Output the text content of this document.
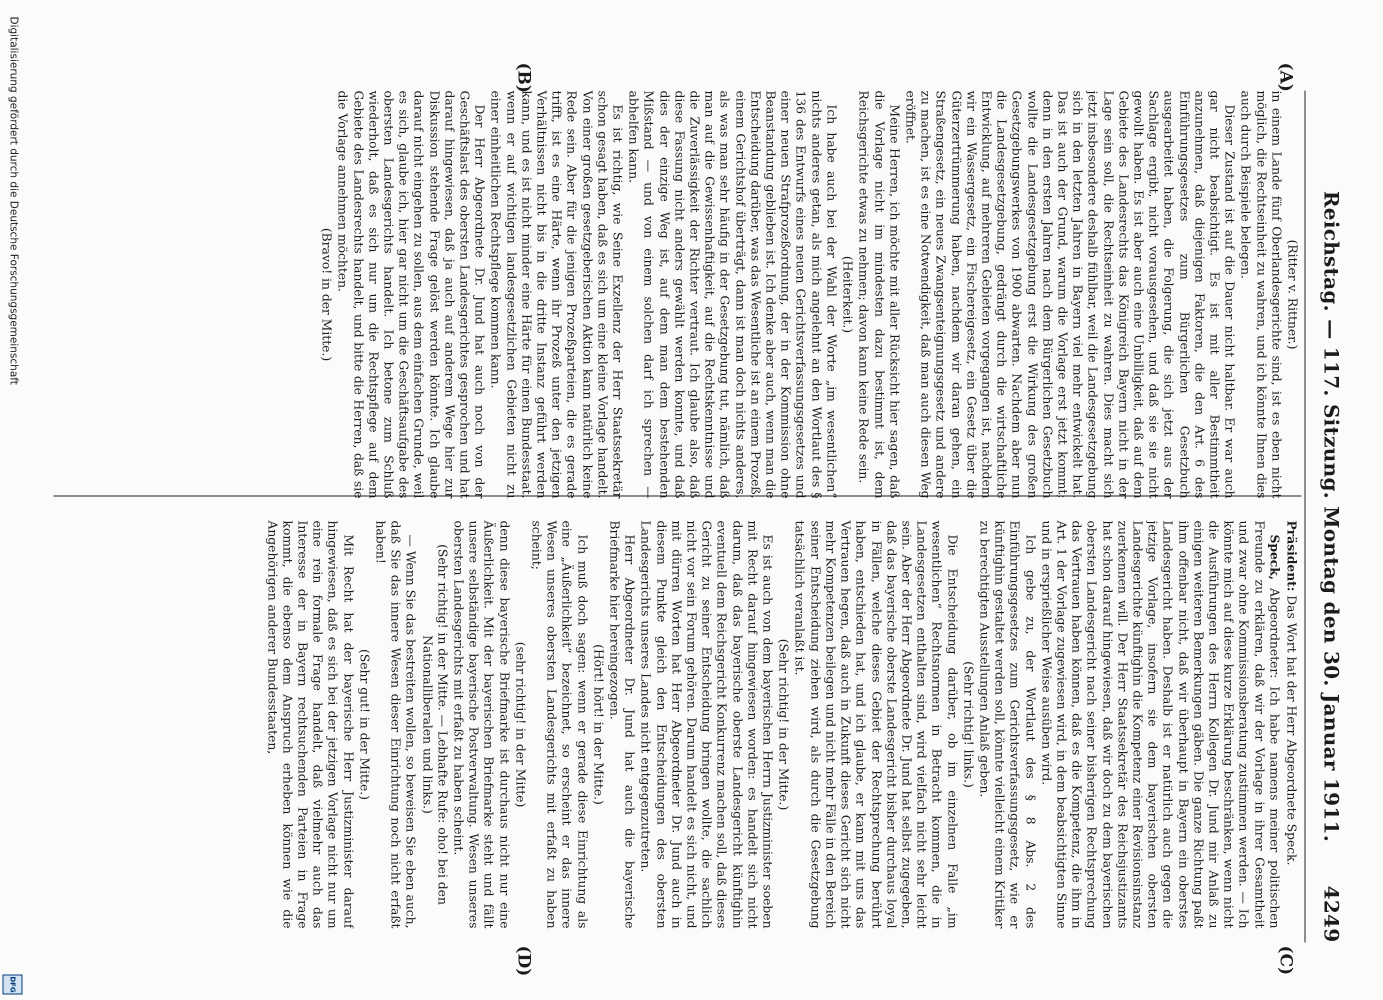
Reichstag. — 117. Sitzung. Montag den 30. Januar 1911.
4249
(A)
(B)
(C)
(D)

(Ritter v. Rittner.)

in einem Lande fünf Oberlandesgerichte sind, ist es eben nicht möglich, die Rechtseinheit zu wahren, und ich könnte Ihnen dies auch durch Beispiele belegen.

Dieser Zustand ist auf die Dauer nicht haltbar. Er war auch gar nicht beabsichtigt. Es ist mit aller Bestimmtheit anzunehmen, daß diejenigen Faktoren, die den Art. 6 des Einführungsgesetzes zum Bürgerlichen Gesetzbuch ausgearbeitet haben, die Folgerung, die sich jetzt aus der Sachlage ergibt, nicht vorausgesehen, und daß sie sie nicht gewollt haben. Es ist aber auch eine Unbilligkeit, daß auf dem Gebiete des Landesrechts das Königreich Bayern nicht in der Lage sein soll, die Rechtseinheit zu wahren. Dies macht sich jetzt insbesondere deshalb fühlbar, weil die Landesgesetzgebung sich in den letzten Jahren in Bayern viel mehr entwickelt hat. Das ist auch der Grund, warum die Vorlage erst jetzt kommt; denn in den ersten Jahren nach dem Bürgerlichen Gesetzbuch wollte die Landesgesetzgebung erst die Wirkung des großen Gesetzgebungswerkes von 1900 abwarten. Nachdem aber nun die Landesgesetzgebung, gedrängt durch die wirtschaftliche Entwicklung, auf mehreren Gebieten vorgegangen ist, nachdem wir ein Wassergesetz, ein Fischereigesetz, ein Gesetz über die Güterzertrümmerung haben, nachdem wir daran gehen, ein Straßengesetz, ein neues Zwangsenteignungsgesetz und andere zu machen, ist es eine Notwendigkeit, daß man auch diesen Weg eröffnet.

Meine Herren, ich möchte mit aller Rücksicht hier sagen, daß die Vorlage nicht im mindesten dazu bestimmt ist, dem Reichsgerichte etwas zu nehmen; davon kann keine Rede sein.

(Heiterkeit.)

Ich habe auch bei der Wahl der Worte „im wesentlichen“ nichts anderes getan, als mich angelehnt an den Wortlaut des § 136 des Entwurfs eines neuen Gerichtsverfassungsgesetzes und einer neuen Strafprozeßordnung, der in der Kommission ohne Beanstandung geblieben ist. Ich denke aber auch, wenn man die Entscheidung darüber, was das Wesentliche ist an einem Prozeß, einem Gerichtshof überträgt, dann ist man doch nichts anderes, als was man sehr häufig in der Gesetzgebung tut, nämlich, daß man auf die Gewissenhaftigkeit, auf die Rechtskenntnisse und die Zuverlässigkeit der Richter vertraut. Ich glaube also, daß diese Fassung nicht anders gewählt werden konnte, und daß dies der einzige Weg ist, auf dem man dem bestehenden Mißstand — und von einem solchen darf ich sprechen — abhelfen kann.

Es ist richtig, wie Seine Exzellenz der Herr Staatssekretär schon gesagt haben, daß es sich um eine kleine Vorlage handelt. Von einer großen gesetzgeberischen Aktion kann natürlich keine Rede sein. Aber für die jenigen Prozeßparteien, die es gerade trifft, ist es eine Härte, wenn ihr Prozeß unter den jetzigen Verhältnissen nicht bis in die dritte Instanz geführt werden kann, und es ist nicht minder eine Härte für einen Bundesstaat, wenn er auf wichtigen landesgesetzlichen Gebieten nicht zu einer einheitlichen Rechtspflege kommen kann.

Der Herr Abgeordnete Dr. Jund hat auch noch von der Geschäftslast des obersten Landesgerichtes gesprochen und hat darauf hingewiesen, daß ja auch auf anderem Wege hier zur Diskussion stehende Frage gelöst werden könnte. Ich glaube darauf nicht eingehen zu sollen, aus dem einfachen Grunde, weil es sich, glaube ich, hier gar nicht um die Geschäftsaufgabe des obersten Landesgerichts handelt. Ich betone zum Schluß wiederholt, daß es sich nur um die Rechtspflege auf dem Gebiete des Landesrechts handelt, und bitte die Herren, daß sie die Vorlage annehmen möchten.

(Bravo! in der Mitte.)

Präsident: Das Wort hat der Herr Abgeordnete Speck.

Speck, Abgeordneter: Ich habe namens meiner politischen Freunde zu erklären, daß wir der Vorlage in ihrer Gesamtheit und zwar ohne Kommissionsberatung zustimmen werden. — Ich könnte mich auf diese kurze Erklärung beschränken, wenn nicht die Ausführungen des Herrn Kollegen Dr. Jund mir Anlaß zu einigen weiteren Bemerkungen gäben. Die ganze Richtung paßt ihm offenbar nicht, daß wir überhaupt in Bayern ein oberstes Landesgericht haben. Deshalb ist er natürlich auch gegen die jetzige Vorlage, insofern sie dem bayerischen obersten Landesgerichte künftighin die Kompetenz einer Revisionsinstanz zuerkennen will. Der Herr Staatssekretär des Reichsjustizamts hat schon darauf hingewiesen, daß wir doch zu dem bayerischen obersten Landesgericht nach seiner bisherigen Rechtsprechung das Vertrauen haben können, daß es die Kompetenz, die ihm in Art. 1 der Vorlage zugewiesen wird, in dem beabsichtigten Sinne und in ersprießlicher Weise ausüben wird.

Ich gebe zu, der Wortlaut des § 8 Abs. 2 des Einführungsgesetzes zum Gerichtsverfassungsgesetz, wie er künftighin gestaltet werden soll, könnte vielleicht einem Kritiker zu berechtigten Ausstellungen Anlaß geben.

(Sehr richtig! links.)

Die Entscheidung darüber, ob im einzelnen Falle „im wesentlichen“ Rechtsnormen in Betracht kommen, die in Landesgesetzen enthalten sind, wird vielfach nicht sehr leicht sein. Aber der Herr Abgeordnete Dr. Jund hat selbst zugegeben, daß das bayerische oberste Landesgericht bisher durchaus loyal in Fällen, welche dieses Gebiet der Rechtsprechung berührt haben, entschieden hat, und ich glaube, er kann mit uns das Vertrauen hegen, daß auch in Zukunft dieses Gericht sich nicht mehr Kompetenzen beilegen und nicht mehr Fälle in den Bereich seiner Entscheidung ziehen wird, als durch die Gesetzgebung tatsächlich veranlaßt ist.

(Sehr richtig! in der Mitte.)

Es ist auch von dem bayerischen Herrn Justizminister soeben mit Recht darauf hingewiesen worden: es handelt sich nicht darum, daß das bayerische oberste Landesgericht künftighin eventuell dem Reichsgericht Konkurrenz machen soll, daß dieses Gericht zu seiner Entscheidung bringen wollte, die sachlich nicht vor sein Forum gehören. Darum handelt es sich nicht, und mit dürren Worten hat Herr Abgeordneter Dr. Jund auch in diesem Punkte gleich den Entscheidungen des obersten Landesgerichts unseres Landes nicht entgegenzutreten.

Herr Abgeordneter Dr. Jund hat auch die bayerische Briefmarke hier hereingezogen.

(Hört! hört! in der Mitte.)

Ich muß doch sagen: wenn er gerade diese Einrichtung als eine „Äußerlichkeit“ bezeichnet, so erscheint er das innere Wesen unseres obersten Landesgerichts mit erfaßt zu haben scheint;

(sehr richtig! in der Mitte)

denn diese bayerische Briefmarke ist durchaus nicht nur eine Äußerlichkeit. Mit der bayerischen Briefmarke steht und fällt unsere selbständige bayerische Postverwaltung. Wesen unseres obersten Landesgerichts mit erfaßt zu haben scheint.

(Sehr richtig! in der Mitte. — Lebhafte Rufe: oho! bei den Nationalliberalen und links.)

— Wenn Sie das bestreiten wollen, so beweisen Sie eben auch, daß Sie das innere Wesen dieser Einrichtung noch nicht erfaßt haben!

(Sehr gut! in der Mitte.)

Mit Recht hat der bayerische Herr Justizminister darauf hingewiesen, daß es sich bei der jetzigen Vorlage nicht nur um eine rein formale Frage handelt, daß vielmehr auch das Interesse der in Bayern rechtsuchenden Parteien in Frage kommt, die ebenso dem Anspruch erheben können wie die Angehörigen anderer Bundesstaaten,

Digitalisierung gefördert durch die Deutsche Forschungsgemeinschaft
DFG
